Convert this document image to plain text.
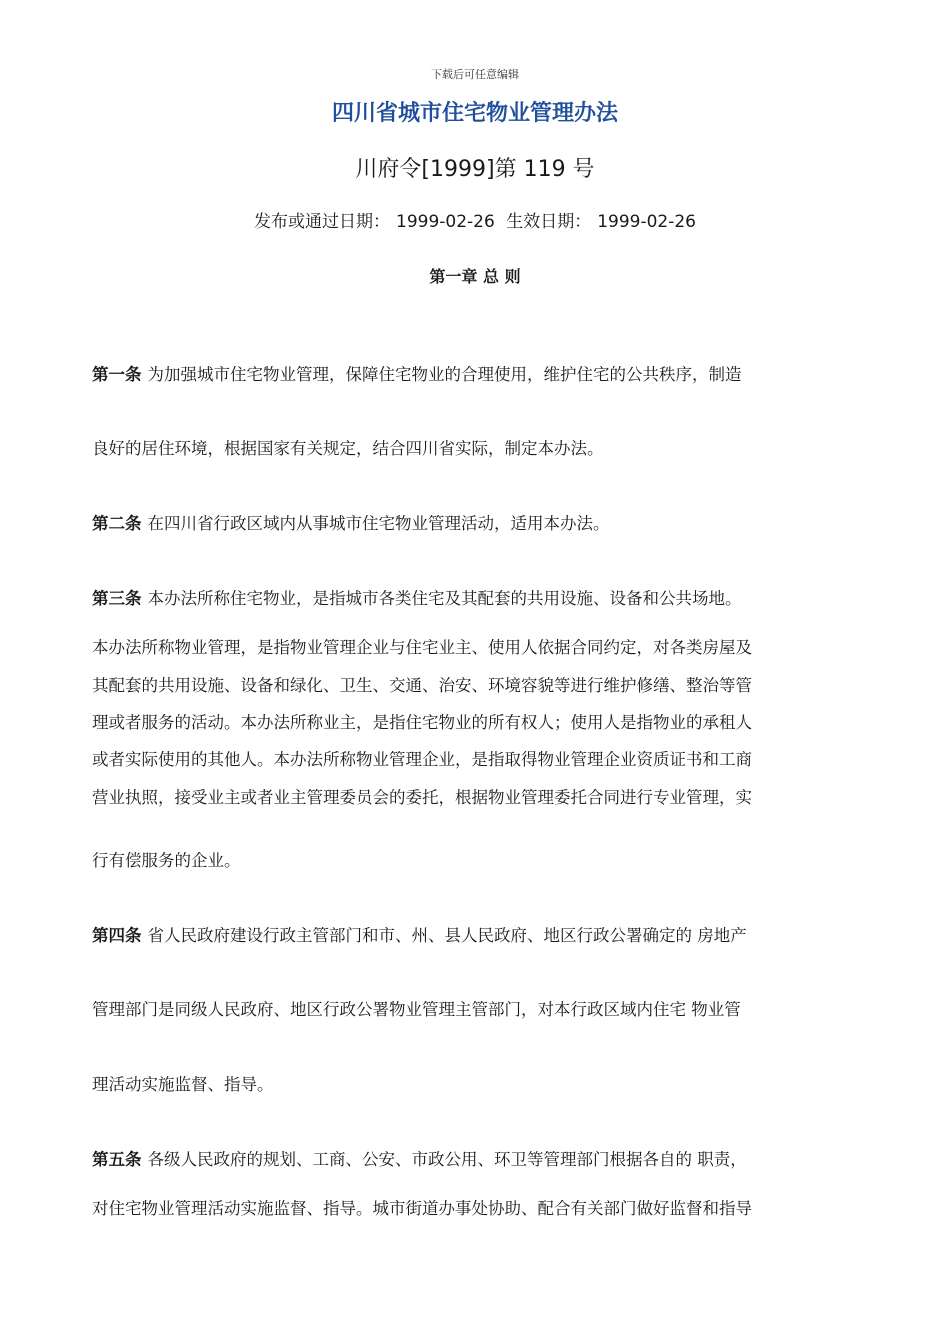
下载后可任意编辑
四川省城市住宅物业管理办法
川府令[1999]第 119 号
发布或通过日期： 1999-02-26 生效日期： 1999-02-26
第一章 总 则
第一条 为加强城市住宅物业管理，保障住宅物业的合理使用，维护住宅的公共秩序，制造
良好的居住环境，根据国家有关规定，结合四川省实际，制定本办法。
第二条 在四川省行政区域内从事城市住宅物业管理活动，适用本办法。
第三条 本办法所称住宅物业，是指城市各类住宅及其配套的共用设施、设备和公共场地。
本办法所称物业管理，是指物业管理企业与住宅业主、使用人依据合同约定，对各类房屋及
其配套的共用设施、设备和绿化、卫生、交通、治安、环境容貌等进行维护修缮、整治等管
理或者服务的活动。本办法所称业主，是指住宅物业的所有权人；使用人是指物业的承租人
或者实际使用的其他人。本办法所称物业管理企业，是指取得物业管理企业资质证书和工商
营业执照，接受业主或者业主管理委员会的委托，根据物业管理委托合同进行专业管理，实
行有偿服务的企业。
第四条 省人民政府建设行政主管部门和市、州、县人民政府、地区行政公署确定的 房地产
管理部门是同级人民政府、地区行政公署物业管理主管部门，对本行政区域内住宅 物业管
理活动实施监督、指导。
第五条 各级人民政府的规划、工商、公安、市政公用、环卫等管理部门根据各自的 职责，
对住宅物业管理活动实施监督、指导。城市街道办事处协助、配合有关部门做好监督和指导
